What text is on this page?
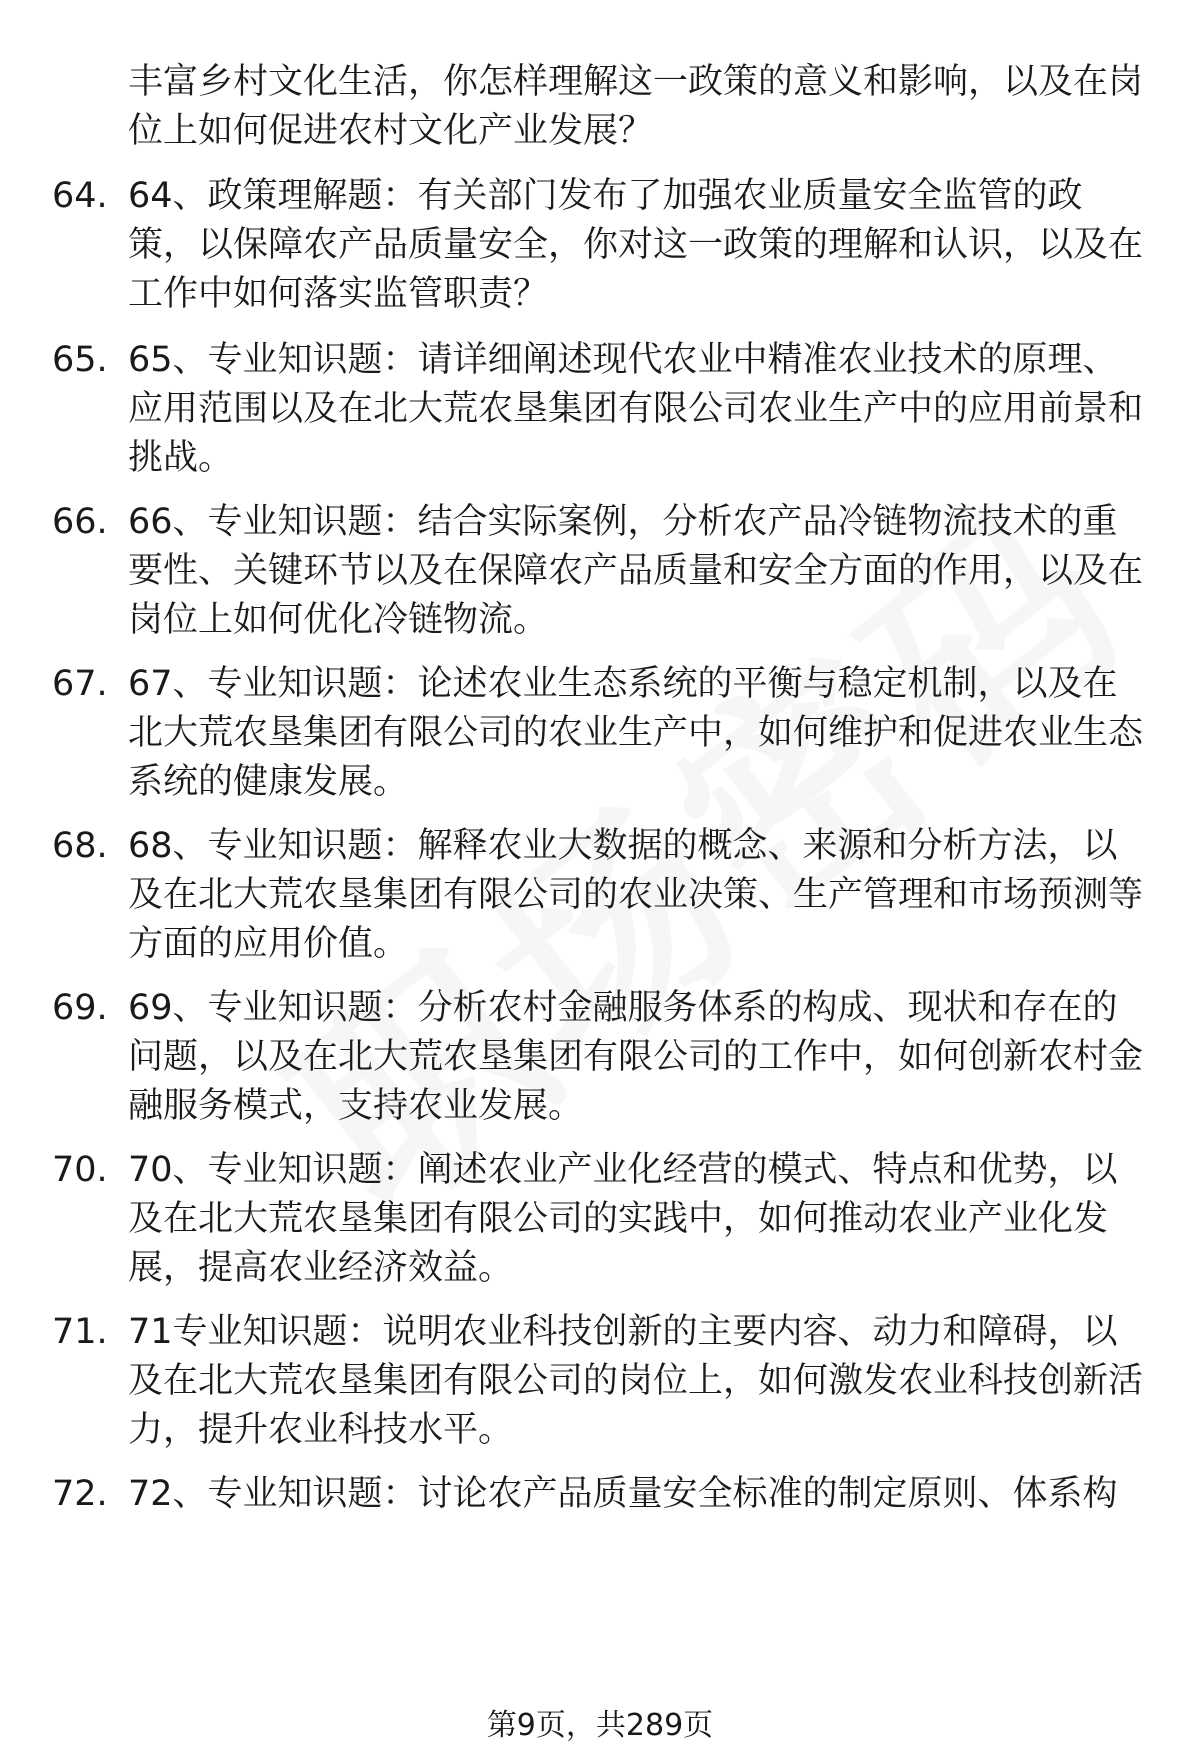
丰富乡村文化生活，你怎样理解这一政策的意义和影响，以及在岗位上如何促进农村文化产业发展？

64. 64、政策理解题：有关部门发布了加强农业质量安全监管的政策，以保障农产品质量安全，你对这一政策的理解和认识，以及在工作中如何落实监管职责？

65. 65、专业知识题：请详细阐述现代农业中精准农业技术的原理、应用范围以及在北大荒农垦集团有限公司农业生产中的应用前景和挑战。

66. 66、专业知识题：结合实际案例，分析农产品冷链物流技术的重要性、关键环节以及在保障农产品质量和安全方面的作用，以及在岗位上如何优化冷链物流。

67. 67、专业知识题：论述农业生态系统的平衡与稳定机制，以及在北大荒农垦集团有限公司的农业生产中，如何维护和促进农业生态系统的健康发展。

68. 68、专业知识题：解释农业大数据的概念、来源和分析方法，以及在北大荒农垦集团有限公司的农业决策、生产管理和市场预测等方面的应用价值。

69. 69、专业知识题：分析农村金融服务体系的构成、现状和存在的问题，以及在北大荒农垦集团有限公司的工作中，如何创新农村金融服务模式，支持农业发展。

70. 70、专业知识题：阐述农业产业化经营的模式、特点和优势，以及在北大荒农垦集团有限公司的实践中，如何推动农业产业化发展，提高农业经济效益。

71. 71专业知识题：说明农业科技创新的主要内容、动力和障碍，以及在北大荒农垦集团有限公司的岗位上，如何激发农业科技创新活力，提升农业科技水平。

72. 72、专业知识题：讨论农产品质量安全标准的制定原则、体系构

第9页，共289页
